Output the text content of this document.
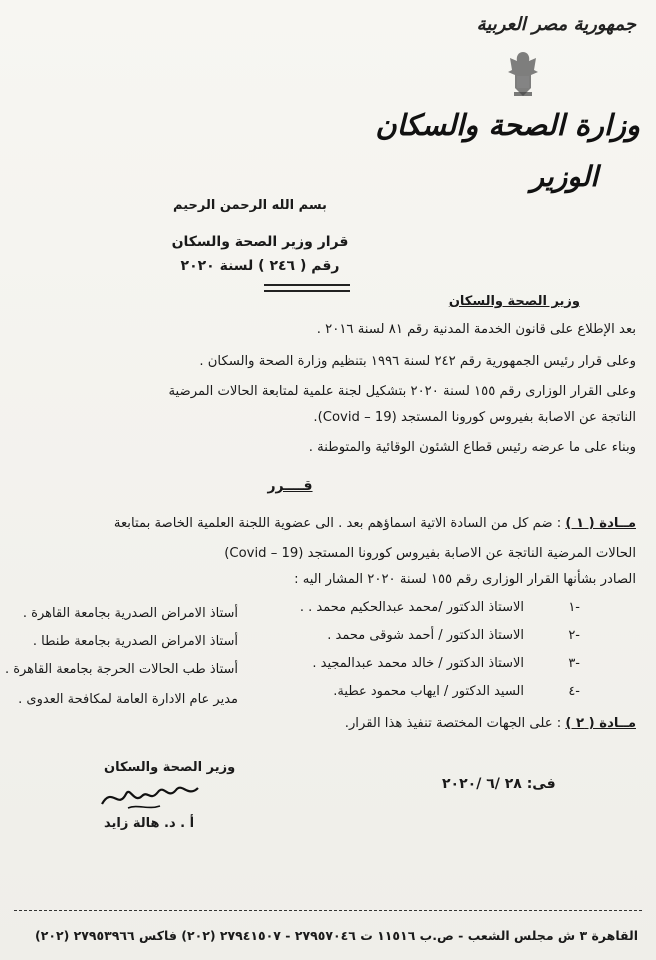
جمهورية مصر العربية
وزارة الصحة والسكان
الوزير
بسم الله الرحمن الرحيم
قرار وزير الصحة والسكان
رقم ( ٢٤٦ ) لسنة ٢٠٢٠
وزير الصحة والسكان
بعد الإطلاع على قانون الخدمة المدنية رقم ٨١ لسنة ٢٠١٦ .
وعلى قرار رئيس الجمهورية رقم ٢٤٢ لسنة ١٩٩٦ بتنظيم وزارة الصحة والسكان .
وعلى القرار الوزارى رقم ١٥٥ لسنة ٢٠٢٠ بتشكيل لجنة علمية لمتابعة الحالات المرضية
الناتجة عن الاصابة بفيروس كورونا المستجد (19 – Covid).
وبناء على ما عرضه رئيس قطاع الشئون الوقائية والمتوطنة .
قــــرر
مــادة ( ١ ) : ضم كل من السادة الاتية اسماؤهم بعد . الى عضوية اللجنة العلمية الخاصة بمتابعة
الحالات المرضية الناتجة عن الاصابة بفيروس كورونا المستجد (19 – Covid)
الصادر بشأنها القرار الوزارى رقم ١٥٥ لسنة ٢٠٢٠ المشار اليه :
١-
الاستاذ الدكتور /محمد عبدالحكيم محمد . .
أستاذ الامراض الصدرية بجامعة القاهرة .
٢-
الاستاذ الدكتور / أحمد شوقى محمد .
أستاذ الامراض الصدرية بجامعة طنطا .
٣-
الاستاذ الدكتور / خالد محمد عبدالمجيد .
أستاذ طب الحالات الحرجة بجامعة القاهرة .
٤-
السيد الدكتور / ايهاب محمود عطية.
مدير عام الادارة العامة لمكافحة العدوى .
مــادة ( ٢ ) : على الجهات المختصة تنفيذ هذا القرار.
وزير الصحة والسكان
أ . د. هالة زايد
فى: ٢٨ /٦ /٢٠٢٠
القاهرة ٣ ش مجلس الشعب - ص.ب ١١٥١٦ ت ٢٧٩٥٧٠٤٦ - ٢٧٩٤١٥٠٧ (٢٠٢) فاكس ٢٧٩٥٣٩٦٦ (٢٠٢)
